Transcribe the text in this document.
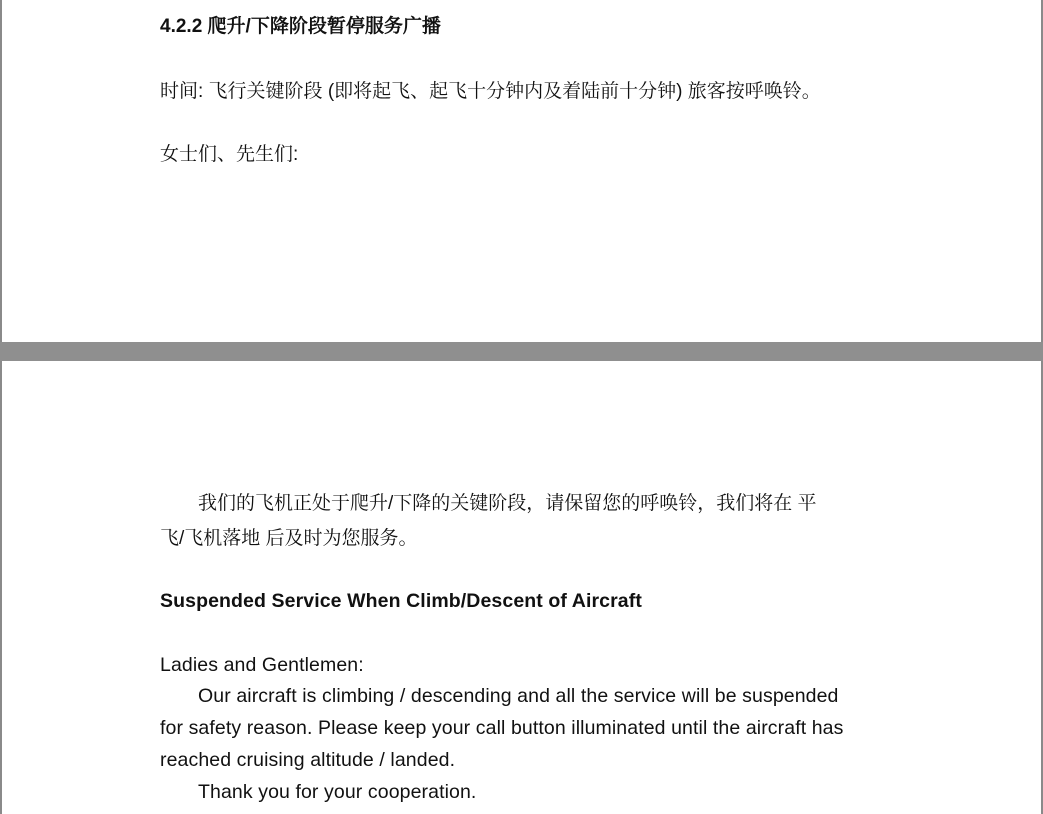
4.2.2 爬升/下降阶段暂停服务广播
时间: 飞行关键阶段 (即将起飞、起飞十分钟内及着陆前十分钟) 旅客按呼唤铃。
女士们、先生们:
我们的飞机正处于爬升/下降的关键阶段，请保留您的呼唤铃，我们将在 平
飞/飞机落地 后及时为您服务。
Suspended Service When Climb/Descent of Aircraft
Ladies and Gentlemen:
Our aircraft is climbing / descending and all the service will be suspended
for safety reason. Please keep your call button illuminated until the aircraft has
reached cruising altitude / landed.
Thank you for your cooperation.
